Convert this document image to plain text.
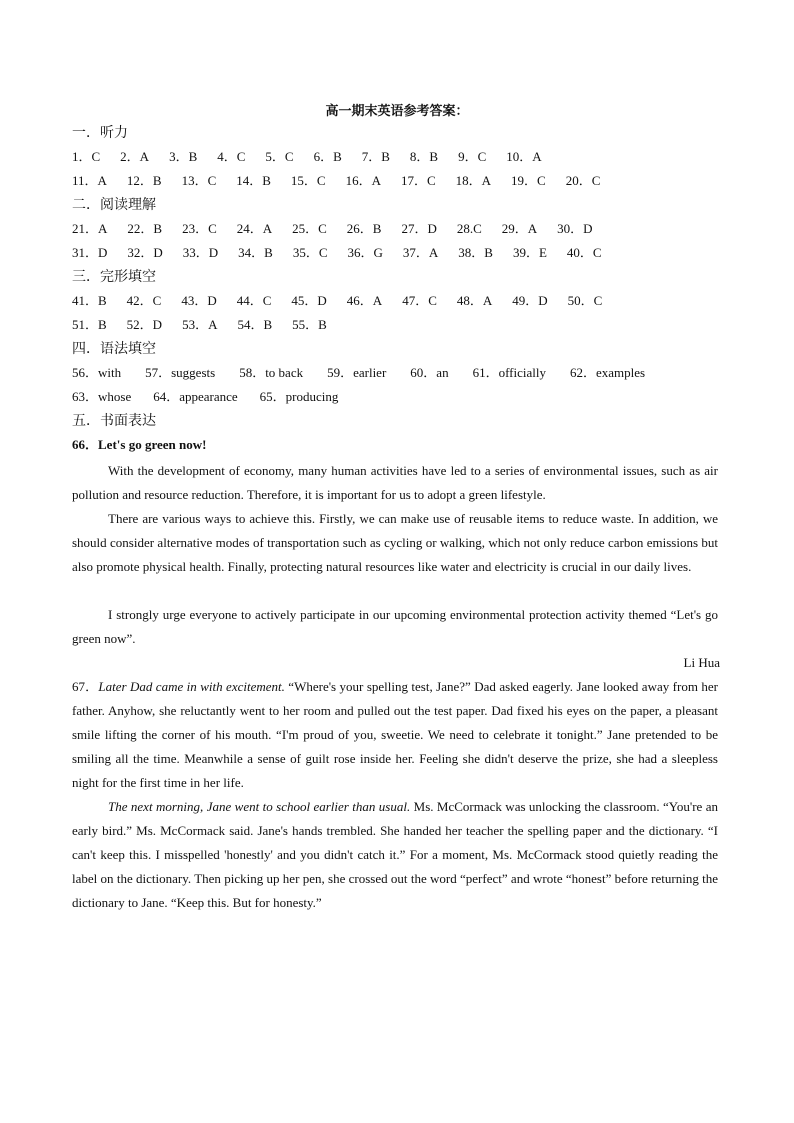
高一期末英语参考答案：
一．听力
1．C 2．A 3．B 4．C 5．C 6．B 7．B 8．B 9．C 10．A
11．A 12．B 13．C 14．B 15．C 16．A 17．C 18．A 19．C 20．C
二．阅读理解
21．A 22．B 23．C 24．A 25．C 26．B 27．D 28.C 29．A 30．D
31．D 32．D 33．D 34．B 35．C 36．G 37．A 38．B 39．E 40．C
三．完形填空
41．B 42．C 43．D 44．C 45．D 46．A 47．C 48．A 49．D 50．C
51．B 52．D 53．A 54．B 55．B
四．语法填空
56．with 57．suggests 58．to back 59．earlier 60．an 61．officially 62．examples
63．whose 64．appearance 65．producing
五．书面表达
66．Let's go green now!
With the development of economy, many human activities have led to a series of environmental issues, such as air pollution and resource reduction. Therefore, it is important for us to adopt a green lifestyle.
There are various ways to achieve this. Firstly, we can make use of reusable items to reduce waste. In addition, we should consider alternative modes of transportation such as cycling or walking, which not only reduce carbon emissions but also promote physical health. Finally, protecting natural resources like water and electricity is crucial in our daily lives.
I strongly urge everyone to actively participate in our upcoming environmental protection activity themed “Let's go green now”.
Li Hua
67．Later Dad came in with excitement. “Where's your spelling test, Jane?” Dad asked eagerly. Jane looked away from her father. Anyhow, she reluctantly went to her room and pulled out the test paper. Dad fixed his eyes on the paper, a pleasant smile lifting the corner of his mouth. “I'm proud of you, sweetie. We need to celebrate it tonight.” Jane pretended to be smiling all the time. Meanwhile a sense of guilt rose inside her. Feeling she didn't deserve the prize, she had a sleepless night for the first time in her life.
The next morning, Jane went to school earlier than usual. Ms. McCormack was unlocking the classroom. “You're an early bird.” Ms. McCormack said. Jane's hands trembled. She handed her teacher the spelling paper and the dictionary. “I can't keep this. I misspelled 'honestly' and you didn't catch it.” For a moment, Ms. McCormack stood quietly reading the label on the dictionary. Then picking up her pen, she crossed out the word “perfect” and wrote “honest” before returning the dictionary to Jane. “Keep this. But for honesty.”
